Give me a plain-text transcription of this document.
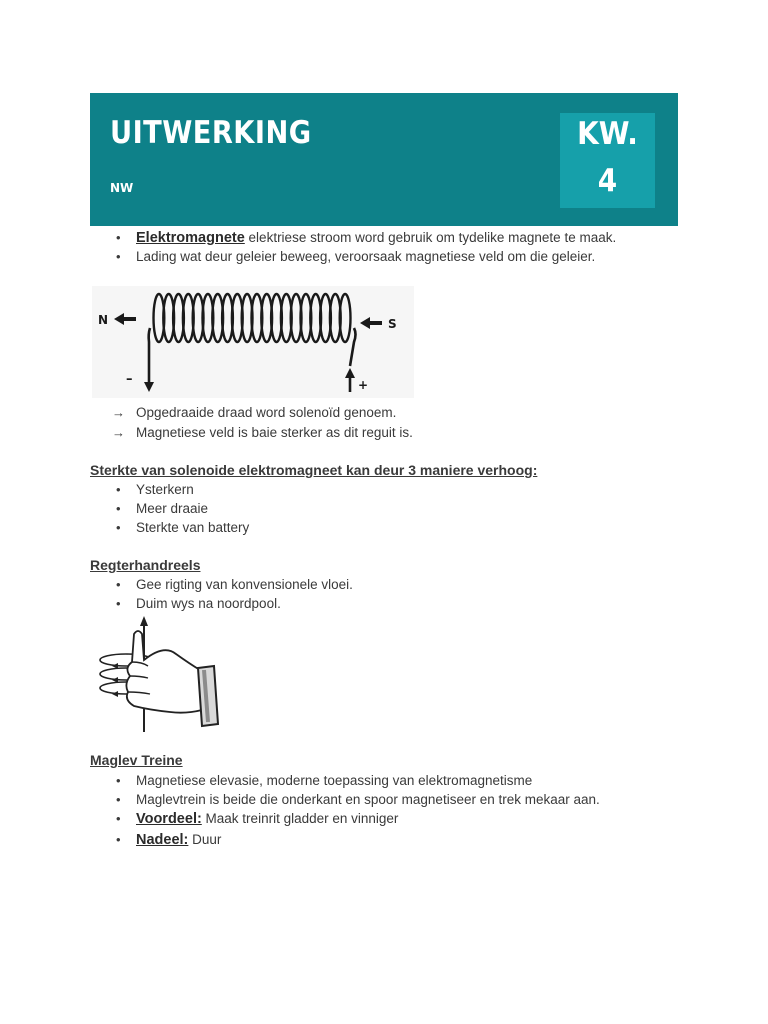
UITWERKING
NW
KW.
4
• Elektromagnete elektriese stroom word gebruik om tydelike magnete te maak.
• Lading wat deur geleier beweeg, veroorsaak magnetiese veld om die geleier.
N	S
–	+
→ Opgedraaide draad word solenoïd genoem.
→ Magnetiese veld is baie sterker as dit reguit is.
Sterkte van solenoide elektromagneet kan deur 3 maniere verhoog:
• Ysterkern
• Meer draaie
• Sterkte van battery
Regterhandreels
• Gee rigting van konvensionele vloei.
• Duim wys na noordpool.
Maglev Treine
• Magnetiese elevasie, moderne toepassing van elektromagnetisme
• Maglevtrein is beide die onderkant en spoor magnetiseer en trek mekaar aan.
• Voordeel: Maak treinrit gladder en vinniger
• Nadeel: Duur
